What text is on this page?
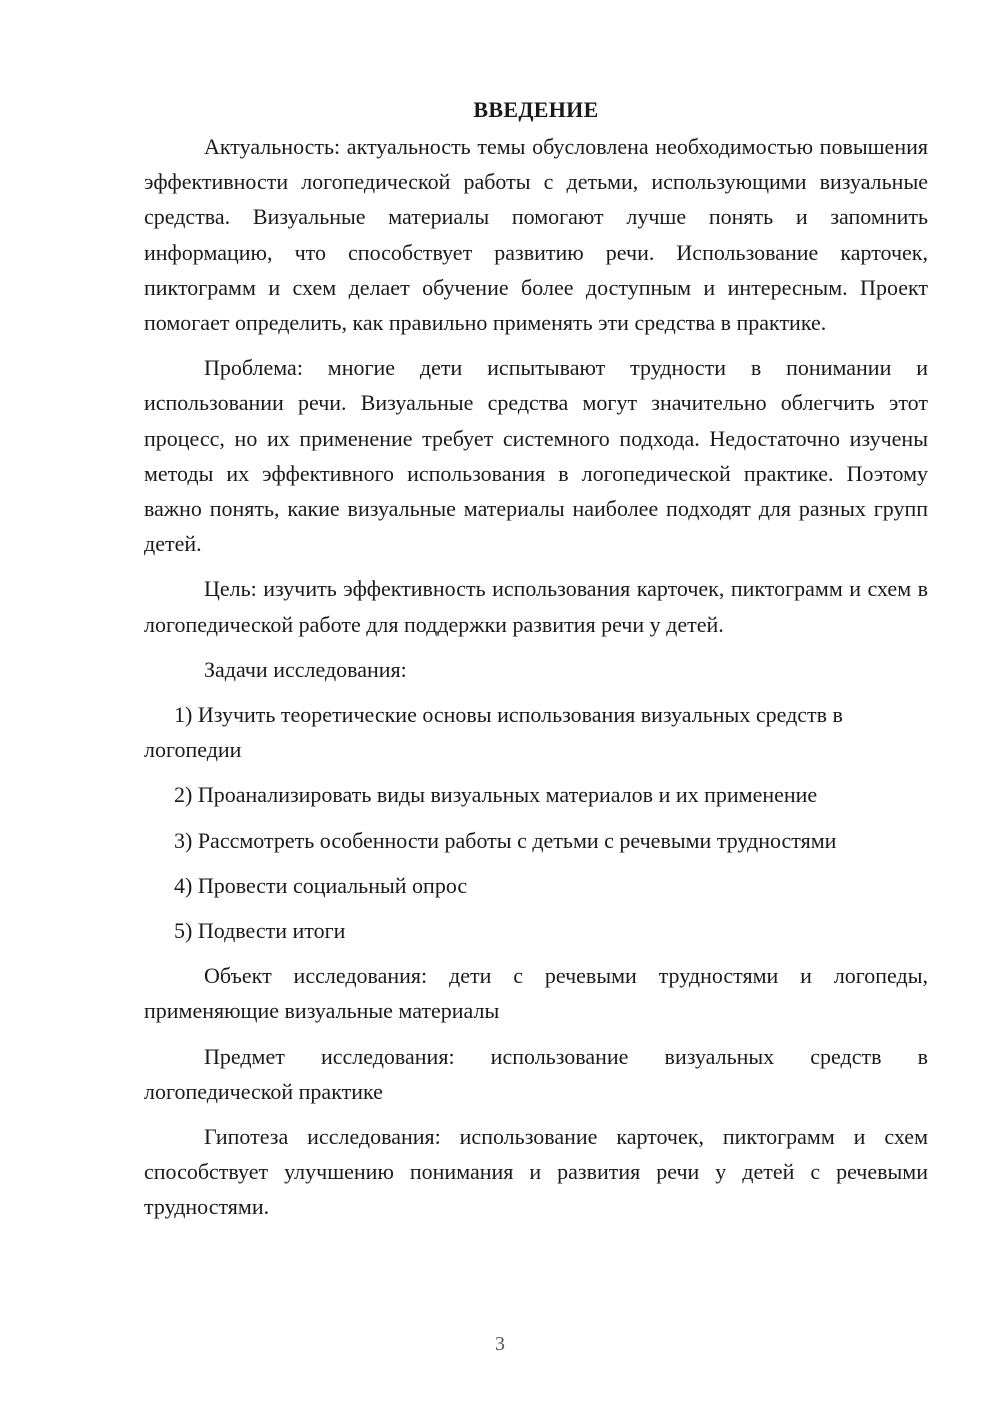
ВВЕДЕНИЕ

Актуальность: актуальность темы обусловлена необходимостью повышения эффективности логопедической работы с детьми, использующими визуальные средства. Визуальные материалы помогают лучше понять и запомнить информацию, что способствует развитию речи. Использование карточек, пиктограмм и схем делает обучение более доступным и интересным. Проект помогает определить, как правильно применять эти средства в практике.

Проблема: многие дети испытывают трудности в понимании и использовании речи. Визуальные средства могут значительно облегчить этот процесс, но их применение требует системного подхода. Недостаточно изучены методы их эффективного использования в логопедической практике. Поэтому важно понять, какие визуальные материалы наиболее подходят для разных групп детей.

Цель: изучить эффективность использования карточек, пиктограмм и схем в логопедической работе для поддержки развития речи у детей.

Задачи исследования:

1) Изучить теоретические основы использования визуальных средств в логопедии

2) Проанализировать виды визуальных материалов и их применение

3) Рассмотреть особенности работы с детьми с речевыми трудностями

4) Провести социальный опрос

5) Подвести итоги

Объект исследования: дети с речевыми трудностями и логопеды, применяющие визуальные материалы

Предмет исследования: использование визуальных средств в логопедической практике

Гипотеза исследования: использование карточек, пиктограмм и схем способствует улучшению понимания и развития речи у детей с речевыми трудностями.

3
